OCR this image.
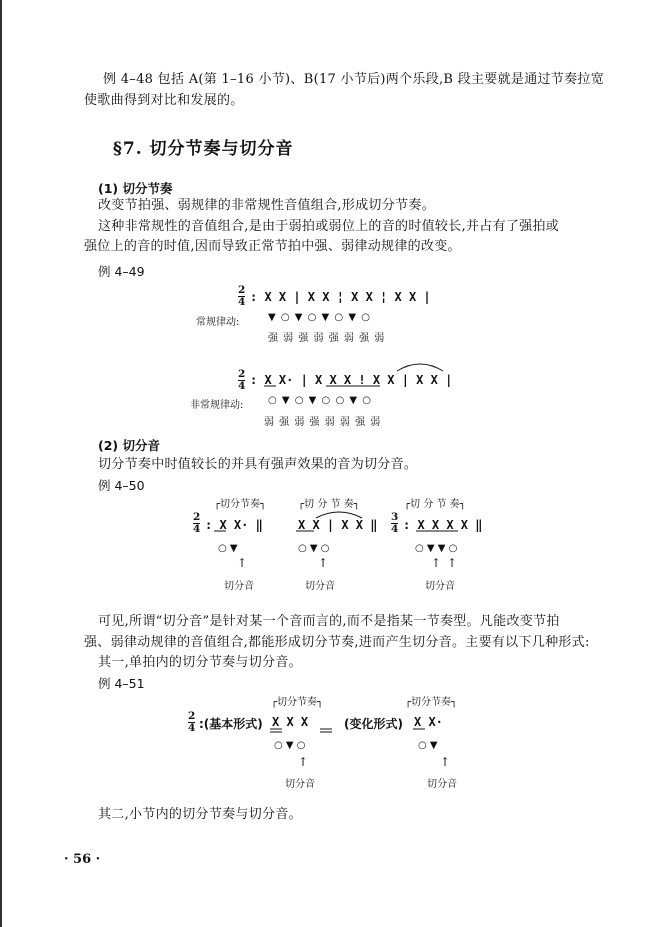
例 4–48 包括 A(第 1–16 小节)、B(17 小节后)两个乐段,B 段主要就是通过节奏拉宽
使歌曲得到对比和发展的。
§7. 切分节奏与切分音
(1) 切分节奏
改变节拍强、弱规律的非常规性音值组合,形成切分节奏。
这种非常规性的音值组合,是由于弱拍或弱位上的音的时值较长,并占有了强拍或
强位上的音的时值,因而导致正常节拍中强、弱律动规律的改变。
例 4–49
$\frac{2}{4}$ : X X | X X ¦ X X ¦ X X |
常规律动:	▼ ○ ▼ ○ ▼ ○ ▼ ○
强 弱 强 弱 强 弱 强 弱
$\frac{2}{4}$ : X X· | X X X ! X X | X X |
非常规律动: ○ ▼ ○ ▼ ○ ○ ▼ ○
弱 强 弱 强 弱 弱 强 弱
(2) 切分音
切分节奏中时值较长的并具有强声效果的音为切分音。
例 4–50
┌切分节奏┐	┌切 分 节 奏┐	┌切 分 节 奏┐
$\frac{2}{4}$ : X X· ‖	X X | X X ‖ $\frac{3}{4}$ : X X X X ‖
○ ▼	○ ▼ ○	○ ▼ ▼ ○
↑	↑	↑ ↑
切分音	切分音	切分音
可见,所谓“切分音”是针对某一个音而言的,而不是指某一节奏型。凡能改变节拍
强、弱律动规律的音值组合,都能形成切分节奏,进而产生切分音。主要有以下几种形式:
其一,单拍内的切分节奏与切分音。
例 4–51
┌切分节奏┐	┌切分节奏┐
$\frac{2}{4}$ :(基本形式) X X X	(变化形式) X X·
○ ▼ ○	○ ▼
↑	↑
切分音	切分音
其二,小节内的切分节奏与切分音。
· 56 ·
